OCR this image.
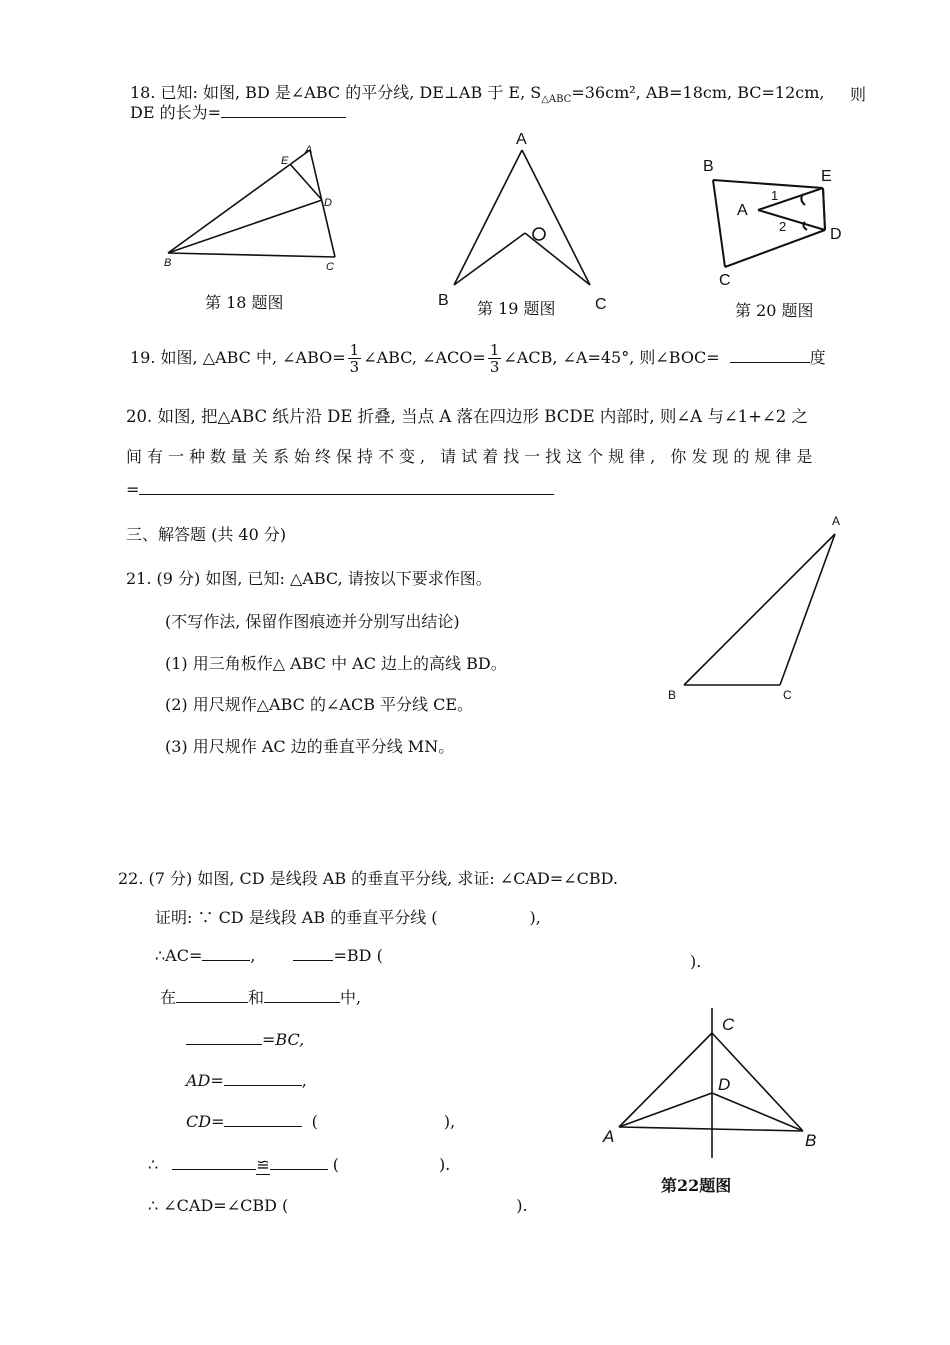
18. 已知: 如图, BD 是∠ABC 的平分线, DE⊥AB 于 E, $S_{\triangle ABC}=36cm^2$, AB=18cm, BC=12cm, 则
DE 的长为=
E
A
D
B	C
第 18 题图
A
O
B	C
第 19 题图
B
E
1
A
2	D
C
第 20 题图
19. 如图, △ABC 中, ∠ABO= $\frac{1}{3}$ ∠ABC, ∠ACO= $\frac{1}{3}$ ∠ACB, ∠A=45°, 则∠BOC=	度
20. 如图, 把△ABC 纸片沿 DE 折叠, 当点 A 落在四边形 BCDE 内部时, 则∠A 与∠1+∠2 之
间有一种数量关系始终保持不变, 请试着找一找这个规律, 你发现的规律是
=
三、解答题 (共 40 分)
21. (9 分) 如图, 已知: △ABC, 请按以下要求作图。
(不写作法, 保留作图痕迹并分别写出结论)
(1) 用三角板作△ ABC 中 AC 边上的高线 BD。
(2) 用尺规作△ABC 的∠ACB 平分线 CE。
(3) 用尺规作 AC 边的垂直平分线 MN。
A
B	C
22. (7 分) 如图, CD 是线段 AB 的垂直平分线, 求证: ∠CAD=∠CBD.
证明: ∵ CD 是线段 AB 的垂直平分线 (	),
∴AC=	,	=BD (	).
在	和	中,
=BC,
AD=	,
CD=	(	),
∴	≌	(	).
∴ ∠CAD=∠CBD (	).
C
D
A	B
第22题图
